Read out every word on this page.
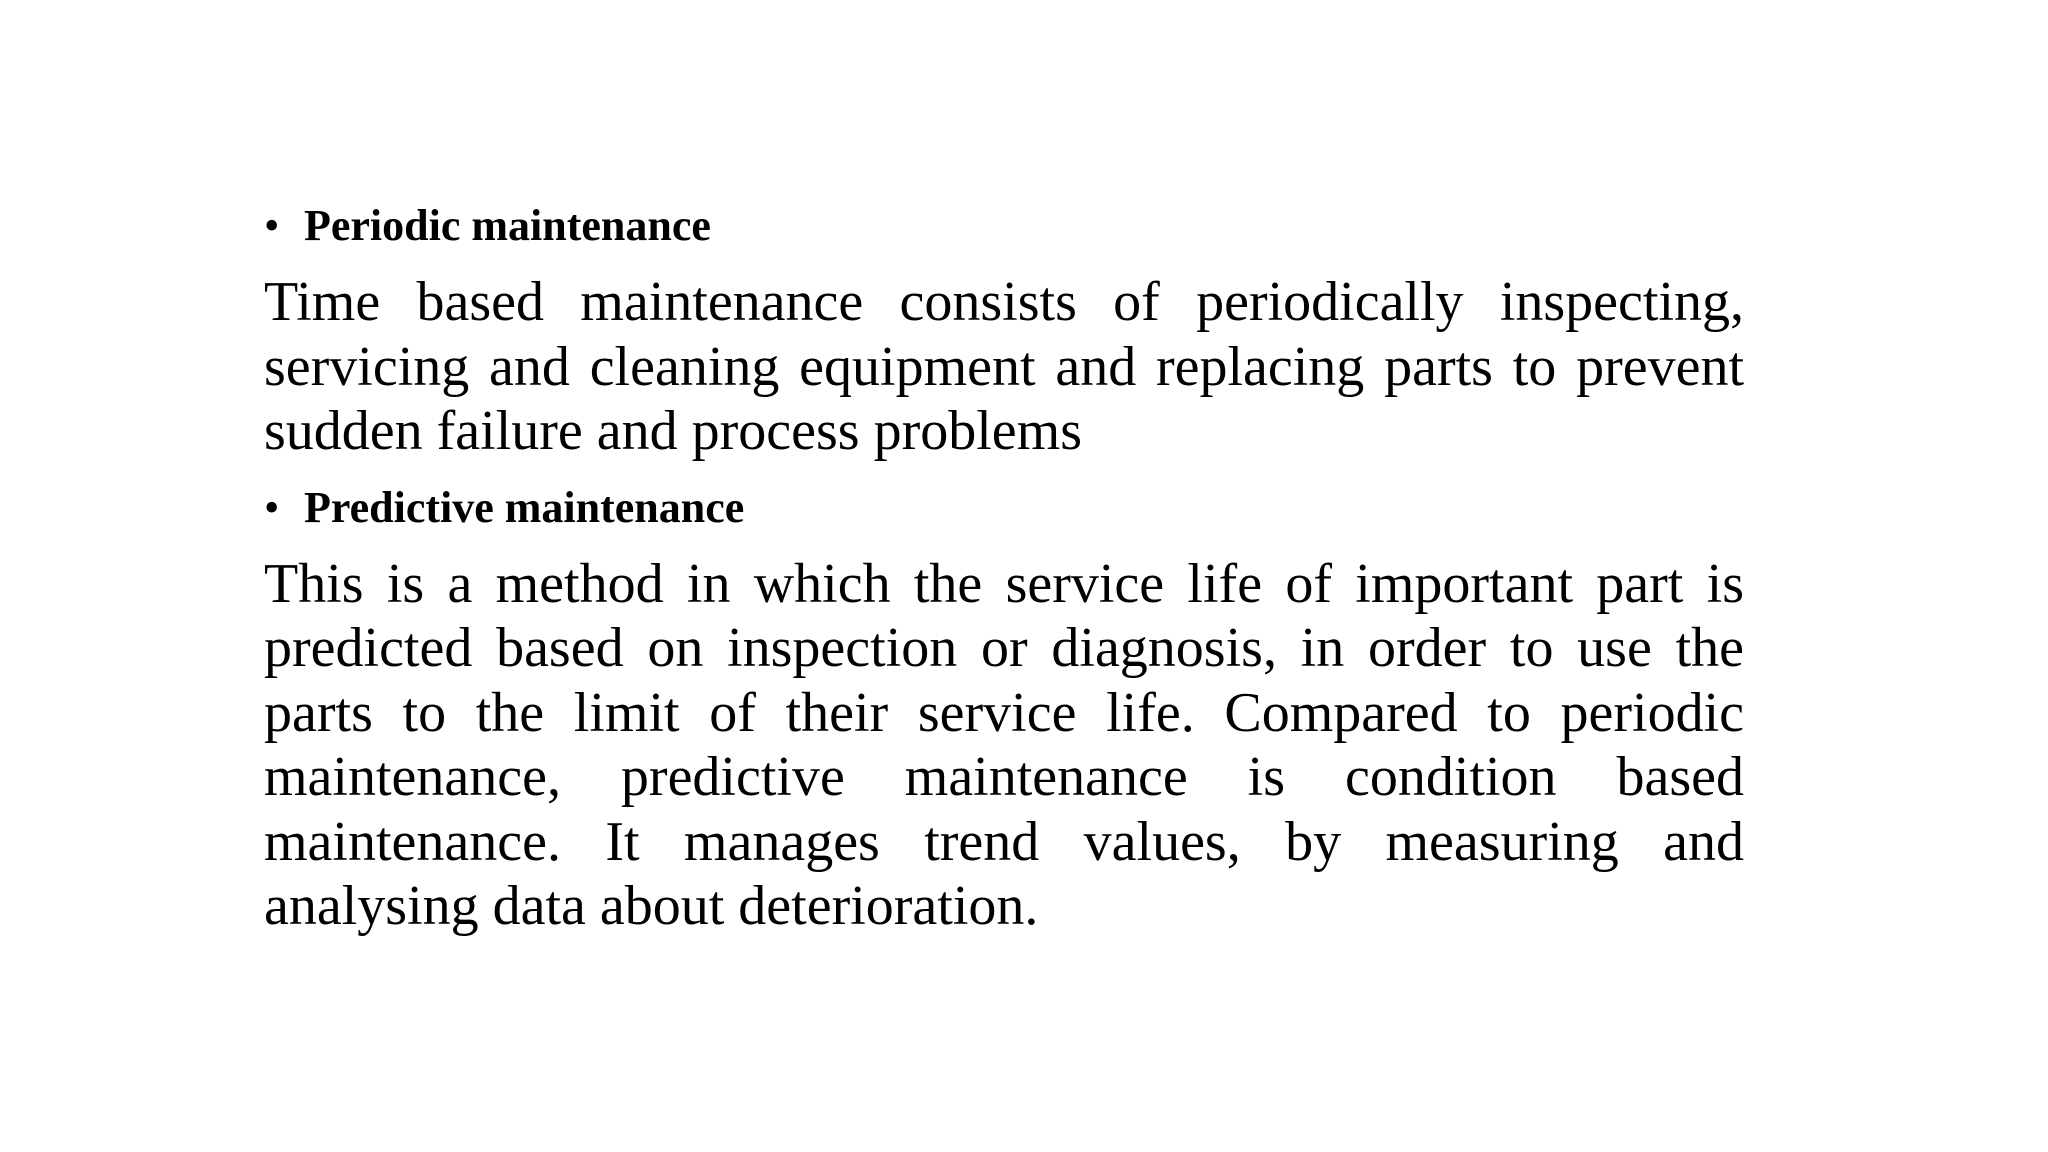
• Periodic maintenance

Time based maintenance consists of periodically inspecting, servicing and cleaning equipment and replacing parts to prevent sudden failure and process problems

• Predictive maintenance

This is a method in which the service life of important part is predicted based on inspection or diagnosis, in order to use the parts to the limit of their service life. Compared to periodic maintenance, predictive maintenance is condition based maintenance. It manages trend values, by measuring and analysing data about deterioration.
